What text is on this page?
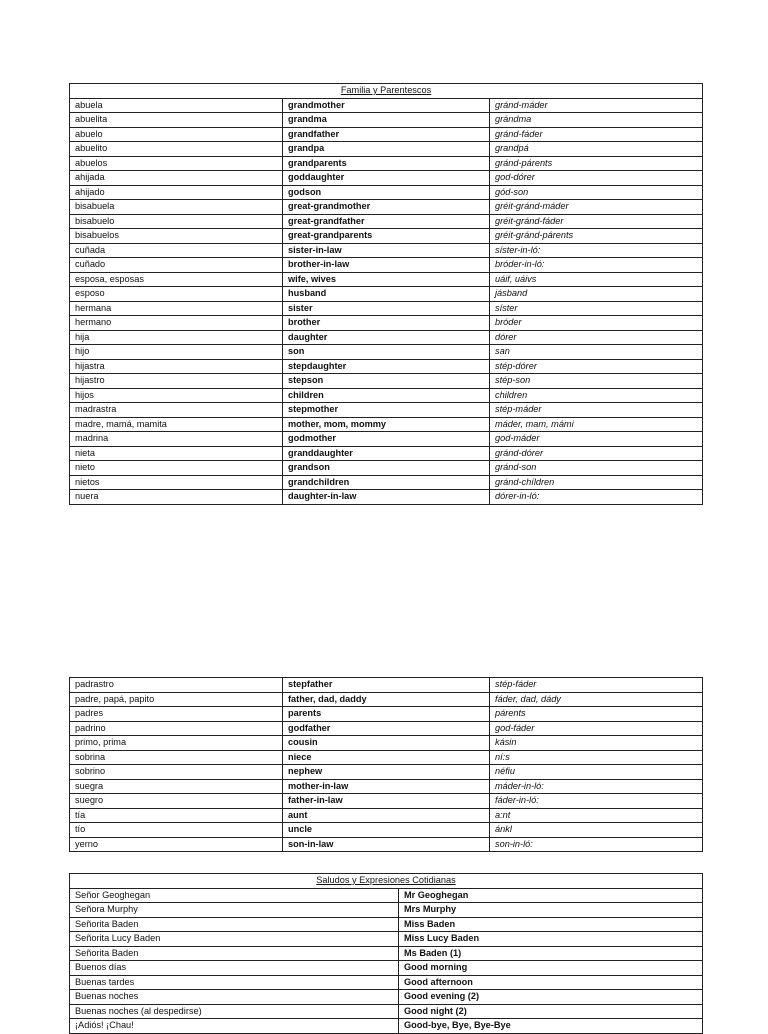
Familia y Parentescos		
abuela	grandmother	gránd-máder
abuelita	grandma	grándma
abuelo	grandfather	gránd-fáder
abuelito	grandpa	grandpá
abuelos	grandparents	gránd-párents
ahijada	goddaughter	god-dórer
ahijado	godson	gód-son
bisabuela	great-grandmother	gréit-gránd-máder
bisabuelo	great-grandfather	gréit-gránd-fáder
bisabuelos	great-grandparents	gréit-gránd-párents
cuñada	sister-in-law	síster-in-ló:
cuñado	brother-in-law	bróder-in-ló:
esposa, esposas	wife, wives	uáif, uáivs
esposo	husband	jásband
hermana	sister	síster
hermano	brother	bróder
hija	daughter	dórer
hijo	son	san
hijastra	stepdaughter	stép-dórer
hijastro	stepson	stép-son
hijos	children	children
madrastra	stepmother	stép-máder
madre, mamá, mamita	mother, mom, mommy	máder, mam, mámi
madrina	godmother	god-máder
nieta	granddaughter	gránd-dórer
nieto	grandson	gránd-son
nietos	grandchildren	gránd-chíldren
nuera	daughter-in-law	dórer-in-ló:
padrastro	stepfather	stép-fáder
padre, papá, papito	father, dad, daddy	fáder, dad, dády
padres	parents	párents
padrino	godfather	god-fáder
primo, prima	cousin	kásin
sobrina	niece	ní:s
sobrino	nephew	néfiu
suegra	mother-in-law	máder-in-ló:
suegro	father-in-law	fáder-in-ló:
tía	aunt	a:nt
tío	uncle	ánkl
yerno	son-in-law	son-in-ló:
Saludos y Expresiones Cotidianas	
Señor Geoghegan	Mr Geoghegan
Señora Murphy	Mrs Murphy
Señorita Baden	Miss Baden
Señorita Lucy Baden	Miss Lucy Baden
Señorita Baden	Ms Baden (1)
Buenos días	Good morning
Buenas tardes	Good afternoon
Buenas noches	Good evening (2)
Buenas noches (al despedirse)	Good night (2)
¡Adiós! ¡Chau!	Good-bye, Bye, Bye-Bye
